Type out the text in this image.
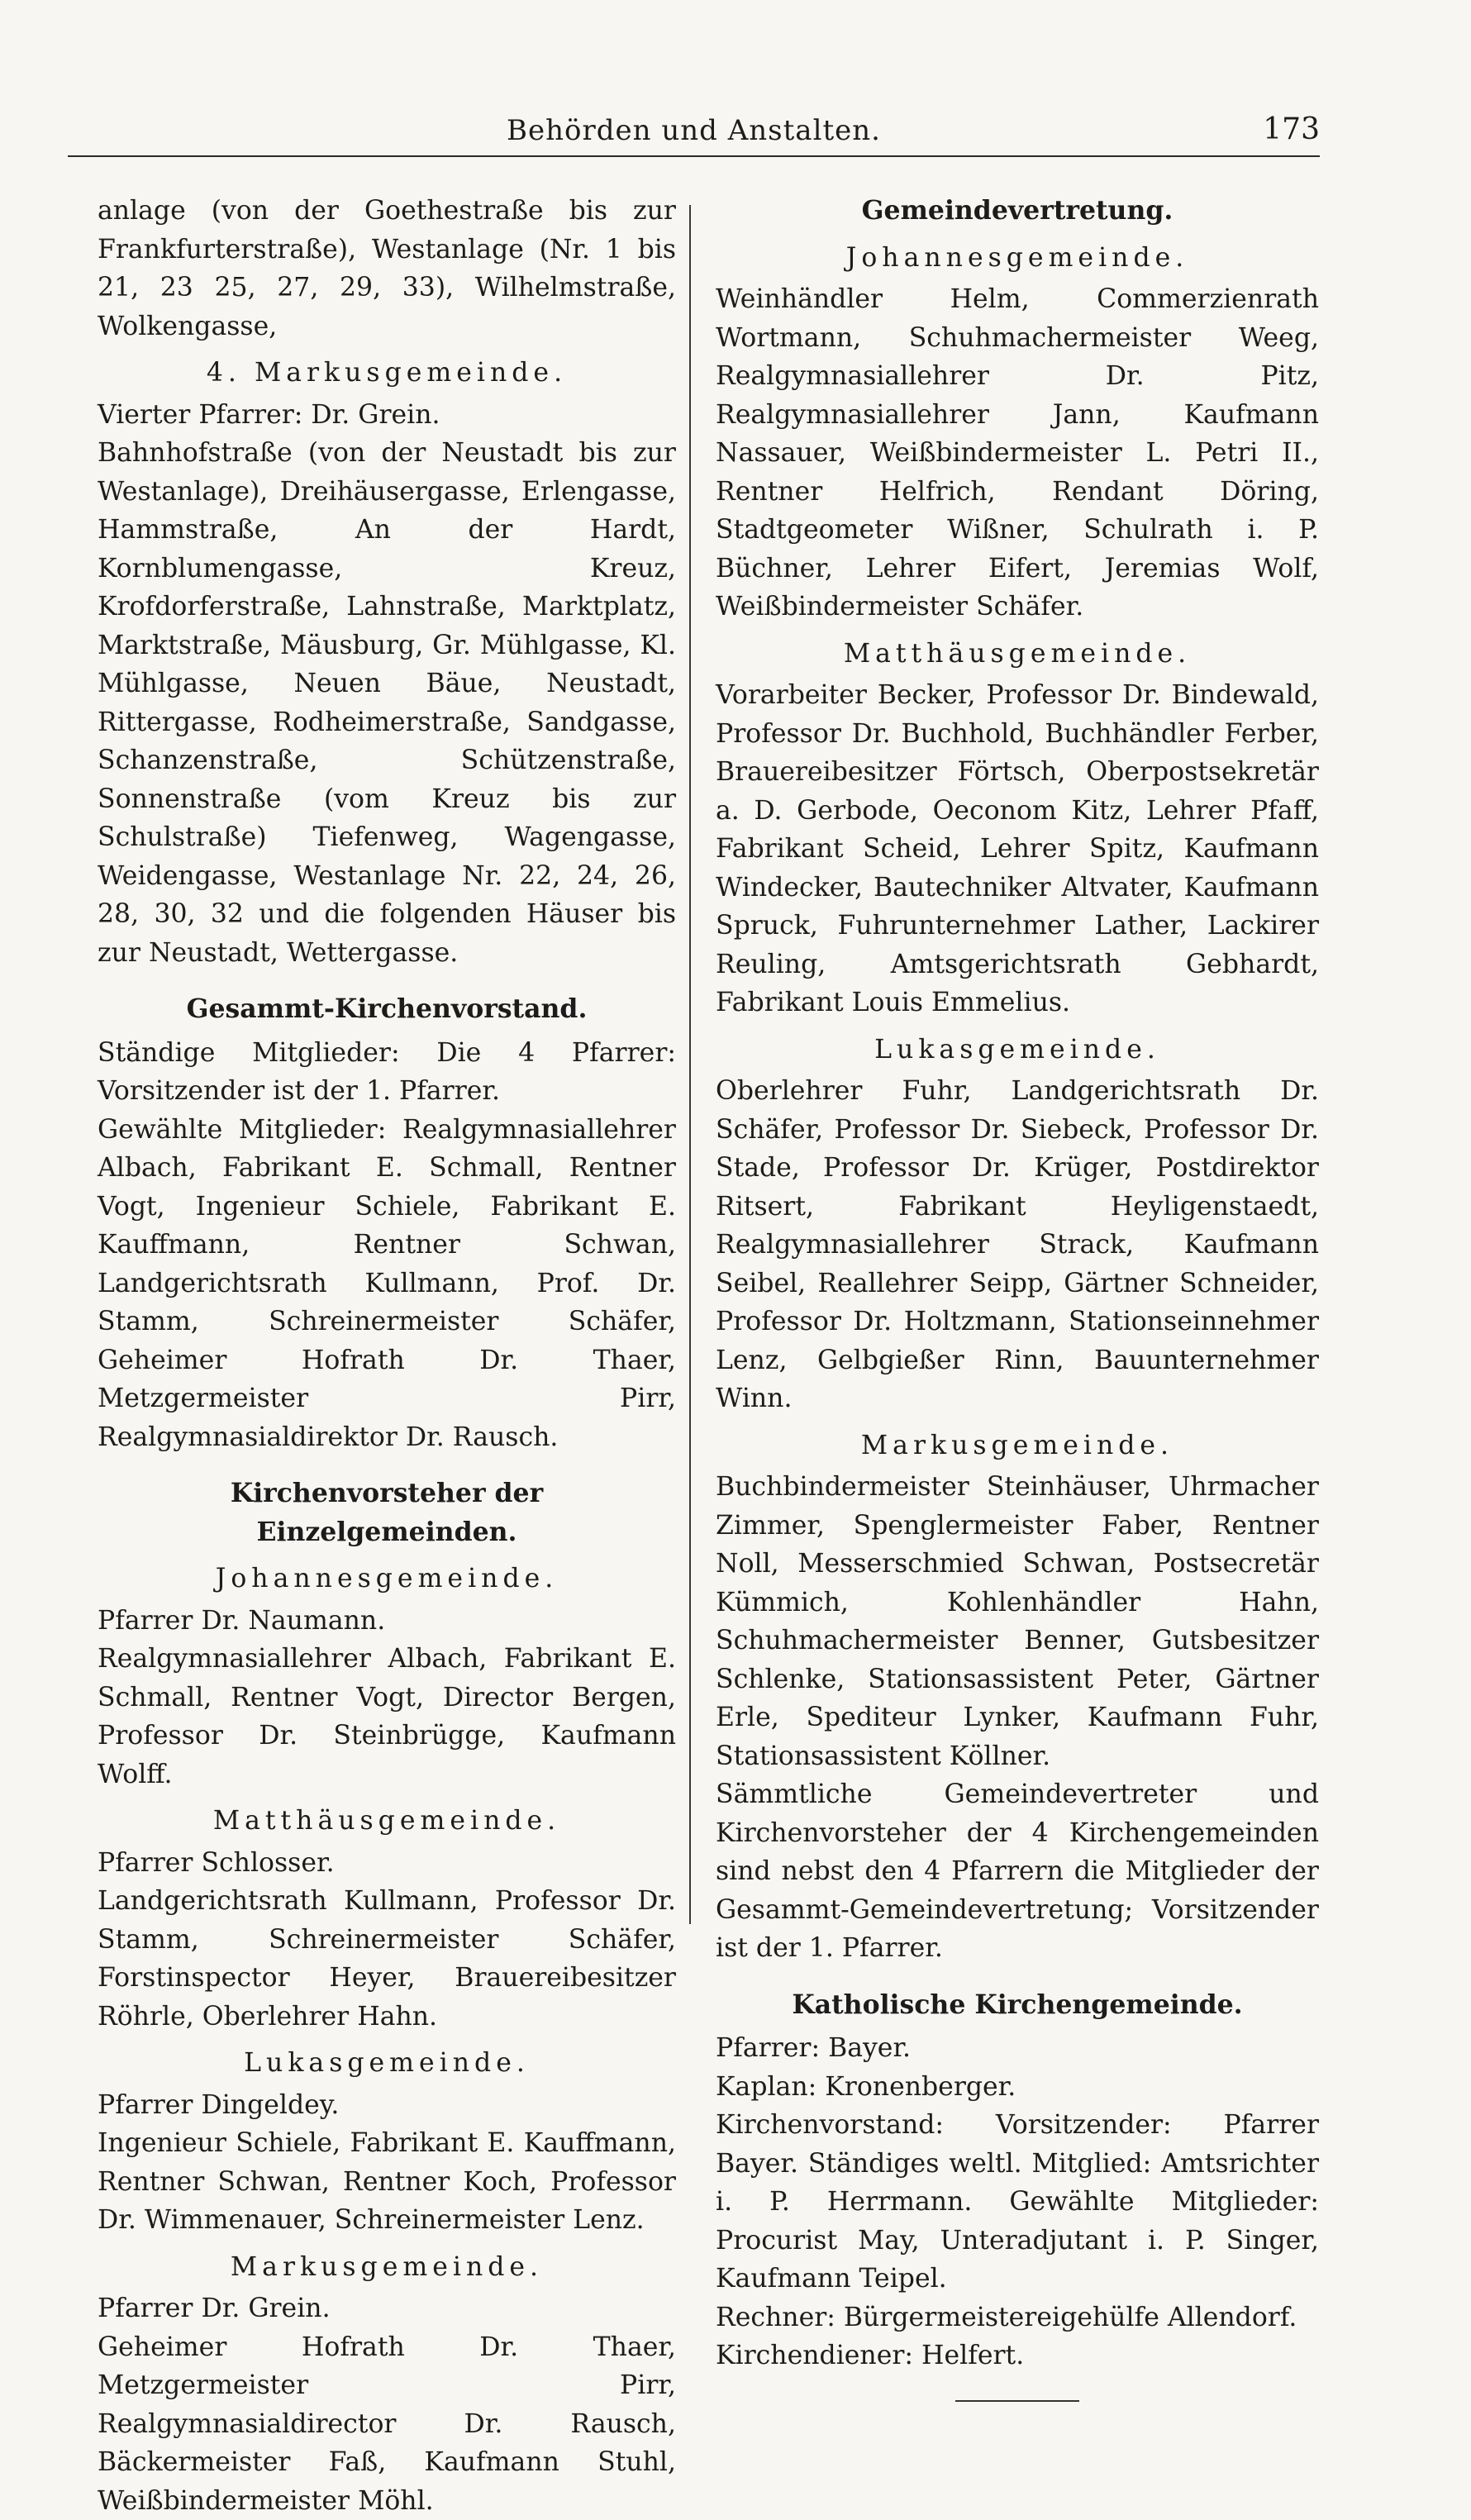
Behörden und Anstalten.	173
anlage (von der Goethestraße bis zur Frankfurterstraße), Westanlage (Nr. 1 bis 21, 23 25, 27, 29, 33), Wilhelmstraße, Wolkengasse,
4. Markusgemeinde.
Vierter Pfarrer: Dr. Grein.
Bahnhofstraße (von der Neustadt bis zur Westanlage), Dreihäusergasse, Erlengasse, Hammstraße, An der Hardt, Kornblumengasse, Kreuz, Krofdorferstraße, Lahnstraße, Marktplatz, Marktstraße, Mäusburg, Gr. Mühlgasse, Kl. Mühlgasse, Neuen Bäue, Neustadt, Rittergasse, Rodheimerstraße, Sandgasse, Schanzenstraße, Schützenstraße, Sonnenstraße (vom Kreuz bis zur Schulstraße) Tiefenweg, Wagengasse, Weidengasse, Westanlage Nr. 22, 24, 26, 28, 30, 32 und die folgenden Häuser bis zur Neustadt, Wettergasse.
Gesammt-Kirchenvorstand.
Ständige Mitglieder: Die 4 Pfarrer: Vorsitzender ist der 1. Pfarrer.
Gewählte Mitglieder: Realgymnasiallehrer Albach, Fabrikant E. Schmall, Rentner Vogt, Ingenieur Schiele, Fabrikant E. Kauffmann, Rentner Schwan, Landgerichtsrath Kullmann, Prof. Dr. Stamm, Schreinermeister Schäfer, Geheimer Hofrath Dr. Thaer, Metzgermeister Pirr, Realgymnasialdirektor Dr. Rausch.
Kirchenvorsteher der Einzelgemeinden.
Johannesgemeinde.
Pfarrer Dr. Naumann.
Realgymnasiallehrer Albach, Fabrikant E. Schmall, Rentner Vogt, Director Bergen, Professor Dr. Steinbrügge, Kaufmann Wolff.
Matthäusgemeinde.
Pfarrer Schlosser.
Landgerichtsrath Kullmann, Professor Dr. Stamm, Schreinermeister Schäfer, Forstinspector Heyer, Brauereibesitzer Röhrle, Oberlehrer Hahn.
Lukasgemeinde.
Pfarrer Dingeldey.
Ingenieur Schiele, Fabrikant E. Kauffmann, Rentner Schwan, Rentner Koch, Professor Dr. Wimmenauer, Schreinermeister Lenz.
Markusgemeinde.
Pfarrer Dr. Grein.
Geheimer Hofrath Dr. Thaer, Metzgermeister Pirr, Realgymnasialdirector Dr. Rausch, Bäckermeister Faß, Kaufmann Stuhl, Weißbindermeister Möhl.
Gemeindevertretung.
Johannesgemeinde.
Weinhändler Helm, Commerzienrath Wortmann, Schuhmachermeister Weeg, Realgymnasiallehrer Dr. Pitz, Realgymnasiallehrer Jann, Kaufmann Nassauer, Weißbindermeister L. Petri II., Rentner Helfrich, Rendant Döring, Stadtgeometer Wißner, Schulrath i. P. Büchner, Lehrer Eifert, Jeremias Wolf, Weißbindermeister Schäfer.
Matthäusgemeinde.
Vorarbeiter Becker, Professor Dr. Bindewald, Professor Dr. Buchhold, Buchhändler Ferber, Brauereibesitzer Förtsch, Oberpostsekretär a. D. Gerbode, Oeconom Kitz, Lehrer Pfaff, Fabrikant Scheid, Lehrer Spitz, Kaufmann Windecker, Bautechniker Altvater, Kaufmann Spruck, Fuhrunternehmer Lather, Lackirer Reuling, Amtsgerichtsrath Gebhardt, Fabrikant Louis Emmelius.
Lukasgemeinde.
Oberlehrer Fuhr, Landgerichtsrath Dr. Schäfer, Professor Dr. Siebeck, Professor Dr. Stade, Professor Dr. Krüger, Postdirektor Ritsert, Fabrikant Heyligenstaedt, Realgymnasiallehrer Strack, Kaufmann Seibel, Reallehrer Seipp, Gärtner Schneider, Professor Dr. Holtzmann, Stationseinnehmer Lenz, Gelbgießer Rinn, Bauunternehmer Winn.
Markusgemeinde.
Buchbindermeister Steinhäuser, Uhrmacher Zimmer, Spenglermeister Faber, Rentner Noll, Messerschmied Schwan, Postsecretär Kümmich, Kohlenhändler Hahn, Schuhmachermeister Benner, Gutsbesitzer Schlenke, Stationsassistent Peter, Gärtner Erle, Spediteur Lynker, Kaufmann Fuhr, Stationsassistent Köllner.
Sämmtliche Gemeindevertreter und Kirchenvorsteher der 4 Kirchengemeinden sind nebst den 4 Pfarrern die Mitglieder der Gesammt-Gemeindevertretung; Vorsitzender ist der 1. Pfarrer.
Katholische Kirchengemeinde.
Pfarrer: Bayer.
Kaplan: Kronenberger.
Kirchenvorstand: Vorsitzender: Pfarrer Bayer. Ständiges weltl. Mitglied: Amtsrichter i. P. Herrmann. Gewählte Mitglieder: Procurist May, Unteradjutant i. P. Singer, Kaufmann Teipel.
Rechner: Bürgermeistereigehülfe Allendorf.
Kirchendiener: Helfert.
